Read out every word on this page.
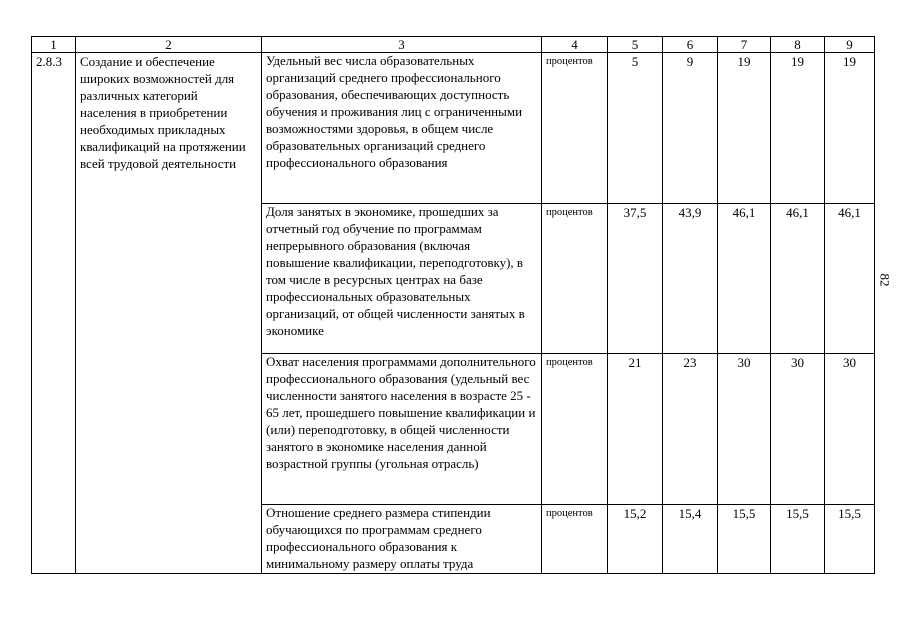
1	2	3	4	5	6	7	8	9
2.8.3	Создание и обеспечение широких возможностей для различных категорий населения в приобретении необходимых прикладных квалификаций на протяжении всей трудовой деятельности	Удельный вес числа образовательных организаций среднего профессионального образования, обеспечивающих доступность обучения и проживания лиц с ограниченными возможностями здоровья, в общем числе образовательных организаций среднего профессионального образования	процентов	5	9	19	19	19

		Доля занятых в экономике, прошедших за отчетный год обучение по программам непрерывного образования (включая повышение квалификации, переподготовку), в том числе в ресурсных центрах на базе профессиональных образовательных организаций, от общей численности занятых в экономике	процентов	37,5	43,9	46,1	46,1	46,1

		Охват населения программами дополнительного профессионального образования (удельный вес численности занятого населения в возрасте 25 - 65 лет, прошедшего повышение квалификации и (или) переподготовку, в общей численности занятого в экономике населения данной возрастной группы (угольная отрасль)	процентов	21	23	30	30	30

		Отношение среднего размера стипендии обучающихся по программам среднего профессионального образования к минимальному размеру оплаты труда	процентов	15,2	15,4	15,5	15,5	15,5
82
